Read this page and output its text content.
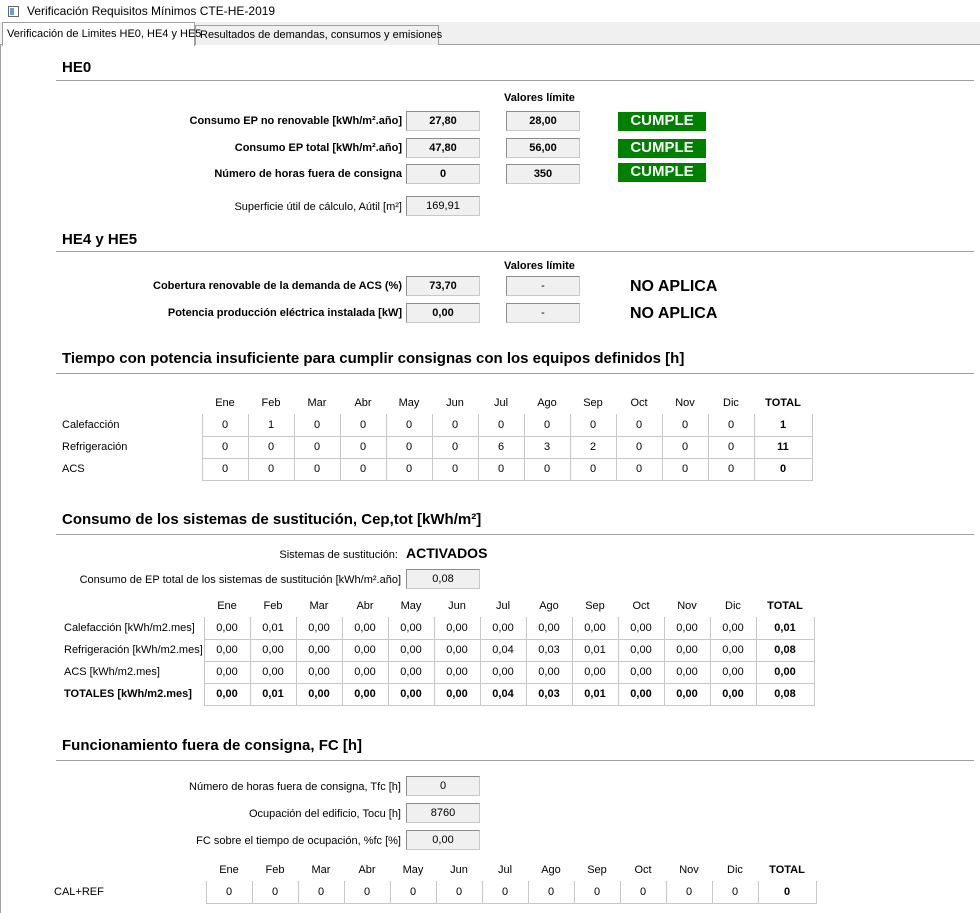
Verificación Requisitos Mínimos CTE-HE-2019
Verificación de Limites HE0, HE4 y HE5
Resultados de demandas, consumos y emisiones
HE0
Valores límite
Consumo EP no renovable [kWh/m².año]	27,80	28,00	CUMPLE
Consumo EP total [kWh/m².año]	47,80	56,00	CUMPLE
Número de horas fuera de consigna	0	350	CUMPLE
Superficie útil de cálculo, Aútil [m²]	169,91
HE4 y HE5
Valores límite
Cobertura renovable de la demanda de ACS (%)	73,70	-	NO APLICA
Potencia producción eléctrica instalada [kW]	0,00	-	NO APLICA
Tiempo con potencia insuficiente para cumplir consignas con los equipos definidos [h]
	Ene	Feb	Mar	Abr	May	Jun	Jul	Ago	Sep	Oct	Nov	Dic	TOTAL
Calefacción	0	1	0	0	0	0	0	0	0	0	0	0	1
Refrigeración	0	0	0	0	0	0	6	3	2	0	0	0	11
ACS	0	0	0	0	0	0	0	0	0	0	0	0	0
Consumo de los sistemas de sustitución, Cep,tot [kWh/m²]
Sistemas de sustitución: ACTIVADOS
Consumo de EP total de los sistemas de sustitución [kWh/m².año]	0,08
	Ene	Feb	Mar	Abr	May	Jun	Jul	Ago	Sep	Oct	Nov	Dic	TOTAL
Calefacción [kWh/m2.mes]	0,00	0,01	0,00	0,00	0,00	0,00	0,00	0,00	0,00	0,00	0,00	0,00	0,01
Refrigeración [kWh/m2.mes]	0,00	0,00	0,00	0,00	0,00	0,00	0,04	0,03	0,01	0,00	0,00	0,00	0,08
ACS [kWh/m2.mes]	0,00	0,00	0,00	0,00	0,00	0,00	0,00	0,00	0,00	0,00	0,00	0,00	0,00
TOTALES [kWh/m2.mes]	0,00	0,01	0,00	0,00	0,00	0,00	0,04	0,03	0,01	0,00	0,00	0,00	0,08
Funcionamiento fuera de consigna, FC [h]
Número de horas fuera de consigna, Tfc [h]	0
Ocupación del edificio, Tocu [h]	8760
FC sobre el tiempo de ocupación, %fc [%]	0,00
	Ene	Feb	Mar	Abr	May	Jun	Jul	Ago	Sep	Oct	Nov	Dic	TOTAL
CAL+REF	0	0	0	0	0	0	0	0	0	0	0	0	0
